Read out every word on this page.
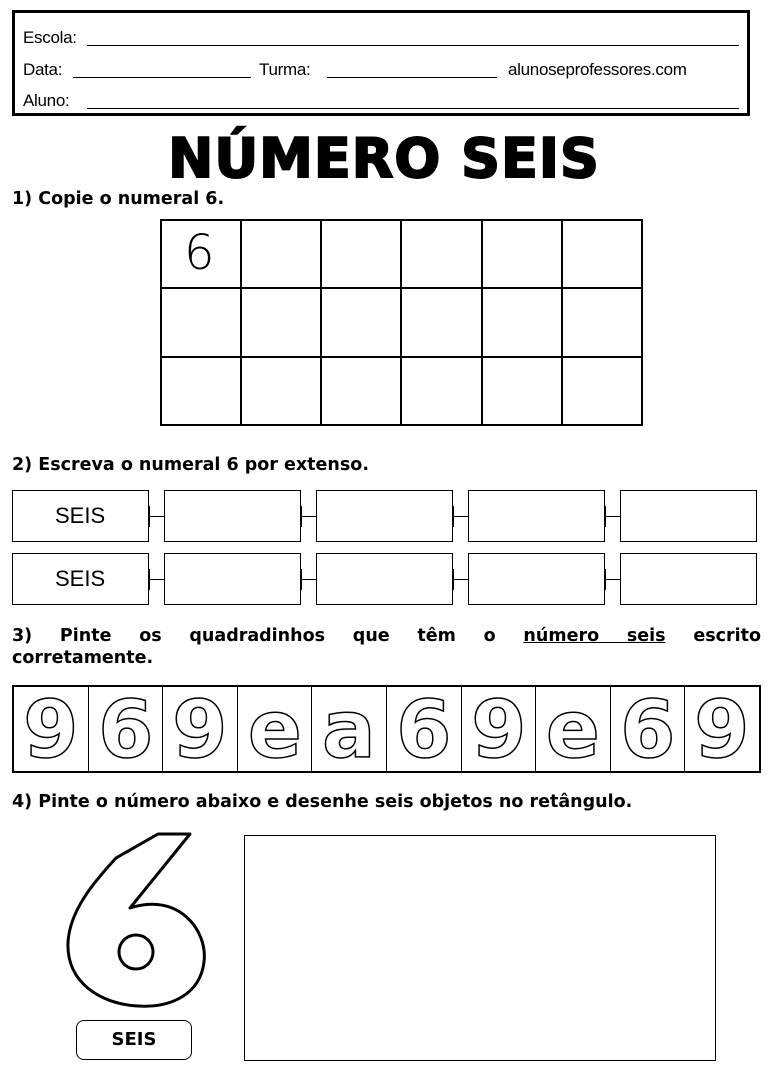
Escola:
Data:	Turma:	alunoseprofessores.com
Aluno:
NÚMERO SEIS
1) Copie o numeral 6.
6
2) Escreva o numeral 6 por extenso.
SEIS
SEIS
3) Pinte os quadradinhos que têm o número seis escrito
corretamente.
9 6 9 e a 6 9 e 6 9
4) Pinte o número abaixo e desenhe seis objetos no retângulo.
SEIS
